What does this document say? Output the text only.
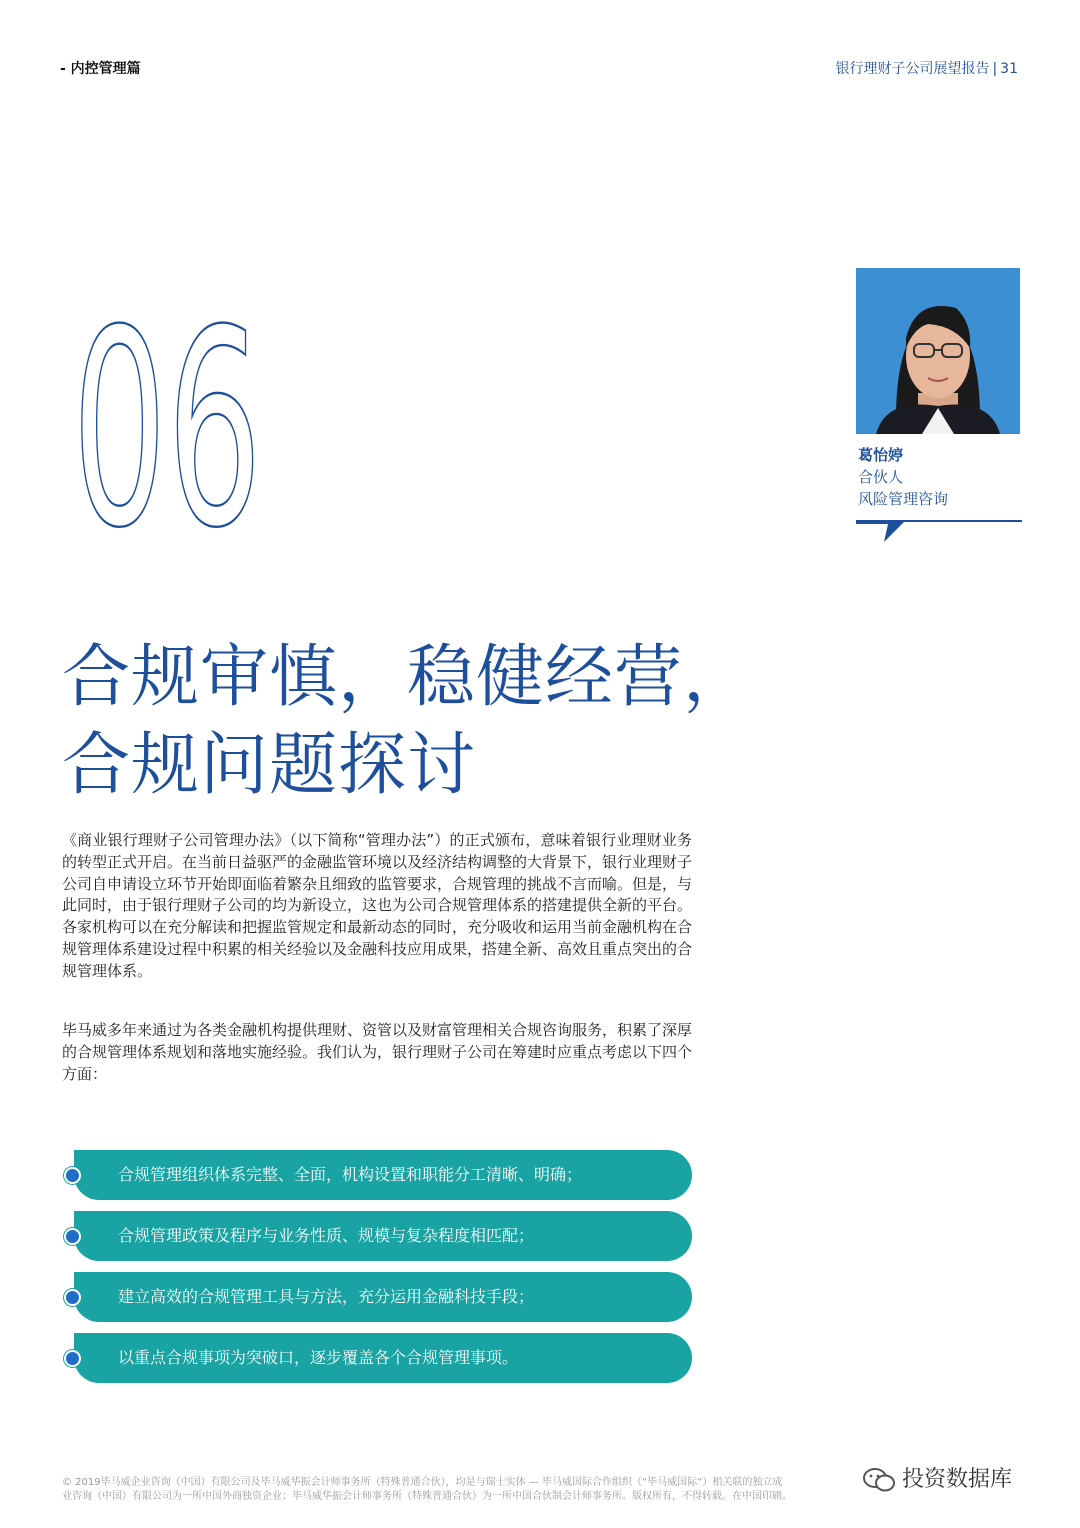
- 内控管理篇	银行理财子公司展望报告 | 31
06	葛怡婷
合伙人
风险管理咨询
合规审慎，稳健经营，
合规问题探讨
《商业银行理财子公司管理办法》（以下简称“管理办法”）的正式颁布，意味着银行业理财业务的转型正式开启。在当前日益驱严的金融监管环境以及经济结构调整的大背景下，银行业理财子公司自申请设立环节开始即面临着繁杂且细致的监管要求，合规管理的挑战不言而喻。但是，与此同时，由于银行理财子公司的均为新设立，这也为公司合规管理体系的搭建提供全新的平台。各家机构可以在充分解读和把握监管规定和最新动态的同时，充分吸收和运用当前金融机构在合规管理体系建设过程中积累的相关经验以及金融科技应用成果，搭建全新、高效且重点突出的合规管理体系。
毕马威多年来通过为各类金融机构提供理财、资管以及财富管理相关合规咨询服务，积累了深厚的合规管理体系规划和落地实施经验。我们认为，银行理财子公司在筹建时应重点考虑以下四个方面：
合规管理组织体系完整、全面，机构设置和职能分工清晰、明确；
合规管理政策及程序与业务性质、规模与复杂程度相匹配；
建立高效的合规管理工具与方法，充分运用金融科技手段；
以重点合规事项为突破口，逐步覆盖各个合规管理事项。
© 2019毕马威企业咨询（中国）有限公司及毕马威华振会计师事务所（特殊普通合伙），均是与瑞士实体 — 毕马威国际合作组织（“毕马威国际”）相关联的独立成
业咨询（中国）有限公司为一所中国外商独资企业；毕马威华振会计师事务所（特殊普通合伙）为一所中国合伙制会计师事务所。版权所有，不得转载。在中国印刷。
投资数据库
